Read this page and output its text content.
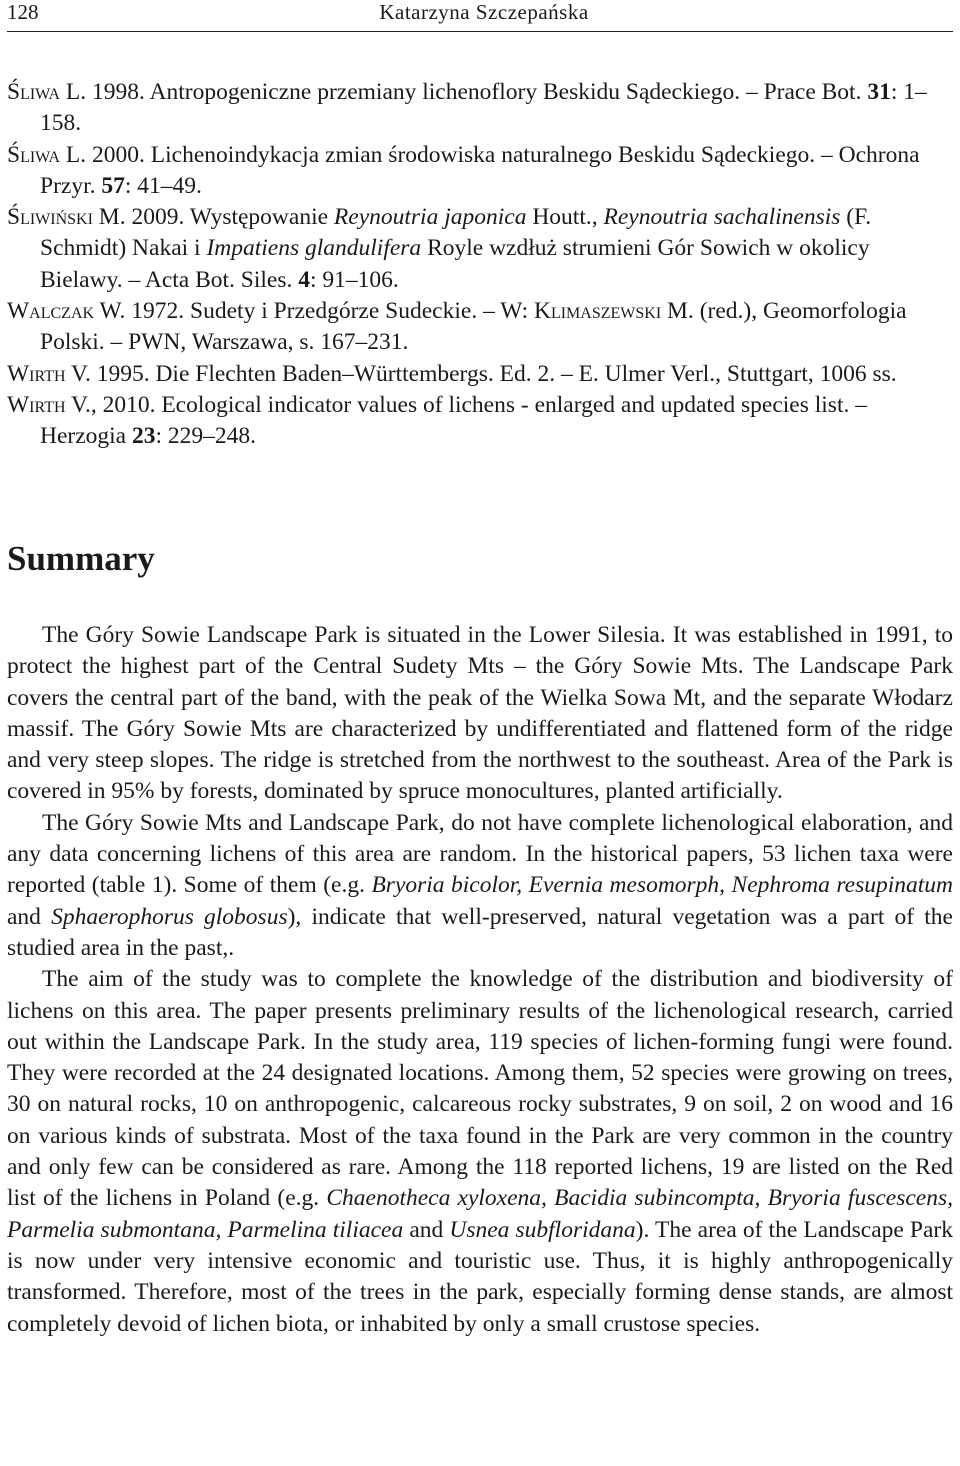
128	Katarzyna Szczepańska

Śliwa L. 1998. Antropogeniczne przemiany lichenoflory Beskidu Sądeckiego. – Prace Bot. 31: 1–158.

Śliwa L. 2000. Lichenoindykacja zmian środowiska naturalnego Beskidu Sądeckiego. – Ochrona Przyr. 57: 41–49.

Śliwiński M. 2009. Występowanie Reynoutria japonica Houtt., Reynoutria sachalinensis (F. Schmidt) Nakai i Impatiens glandulifera Royle wzdłuż strumieni Gór Sowich w okolicy Bielawy. – Acta Bot. Siles. 4: 91–106.

Walczak W. 1972. Sudety i Przedgórze Sudeckie. – W: Klimaszewski M. (red.), Geomorfologia Polski. – PWN, Warszawa, s. 167–231.

Wirth V. 1995. Die Flechten Baden–Württembergs. Ed. 2. – E. Ulmer Verl., Stuttgart, 1006 ss.

Wirth V., 2010. Ecological indicator values of lichens - enlarged and updated species list. – Herzogia 23: 229–248.

Summary

The Góry Sowie Landscape Park is situated in the Lower Silesia. It was established in 1991, to protect the highest part of the Central Sudety Mts – the Góry Sowie Mts. The Landscape Park covers the central part of the band, with the peak of the Wielka Sowa Mt, and the separate Włodarz massif. The Góry Sowie Mts are characterized by undifferentiated and flattened form of the ridge and very steep slopes. The ridge is stretched from the northwest to the southeast. Area of the Park is covered in 95% by forests, dominated by spruce monocultures, planted artificially.

The Góry Sowie Mts and Landscape Park, do not have complete lichenological elaboration, and any data concerning lichens of this area are random. In the historical papers, 53 lichen taxa were reported (table 1). Some of them (e.g. Bryoria bicolor, Evernia mesomorph, Nephroma resupinatum and Sphaerophorus globosus), indicate that well-preserved, natural vegetation was a part of the studied area in the past,.

The aim of the study was to complete the knowledge of the distribution and biodiversity of lichens on this area. The paper presents preliminary results of the lichenological research, carried out within the Landscape Park. In the study area, 119 species of lichen-forming fungi were found. They were recorded at the 24 designated locations. Among them, 52 species were growing on trees, 30 on natural rocks, 10 on anthropogenic, calcareous rocky substrates, 9 on soil, 2 on wood and 16 on various kinds of substrata. Most of the taxa found in the Park are very common in the country and only few can be considered as rare. Among the 118 reported lichens, 19 are listed on the Red list of the lichens in Poland (e.g. Chaenotheca xyloxena, Bacidia subincompta, Bryoria fuscescens, Parmelia submontana, Parmelina tiliacea and Usnea subfloridana). The area of the Landscape Park is now under very intensive economic and touristic use. Thus, it is highly anthropogenically transformed. Therefore, most of the trees in the park, especially forming dense stands, are almost completely devoid of lichen biota, or inhabited by only a small crustose species.
